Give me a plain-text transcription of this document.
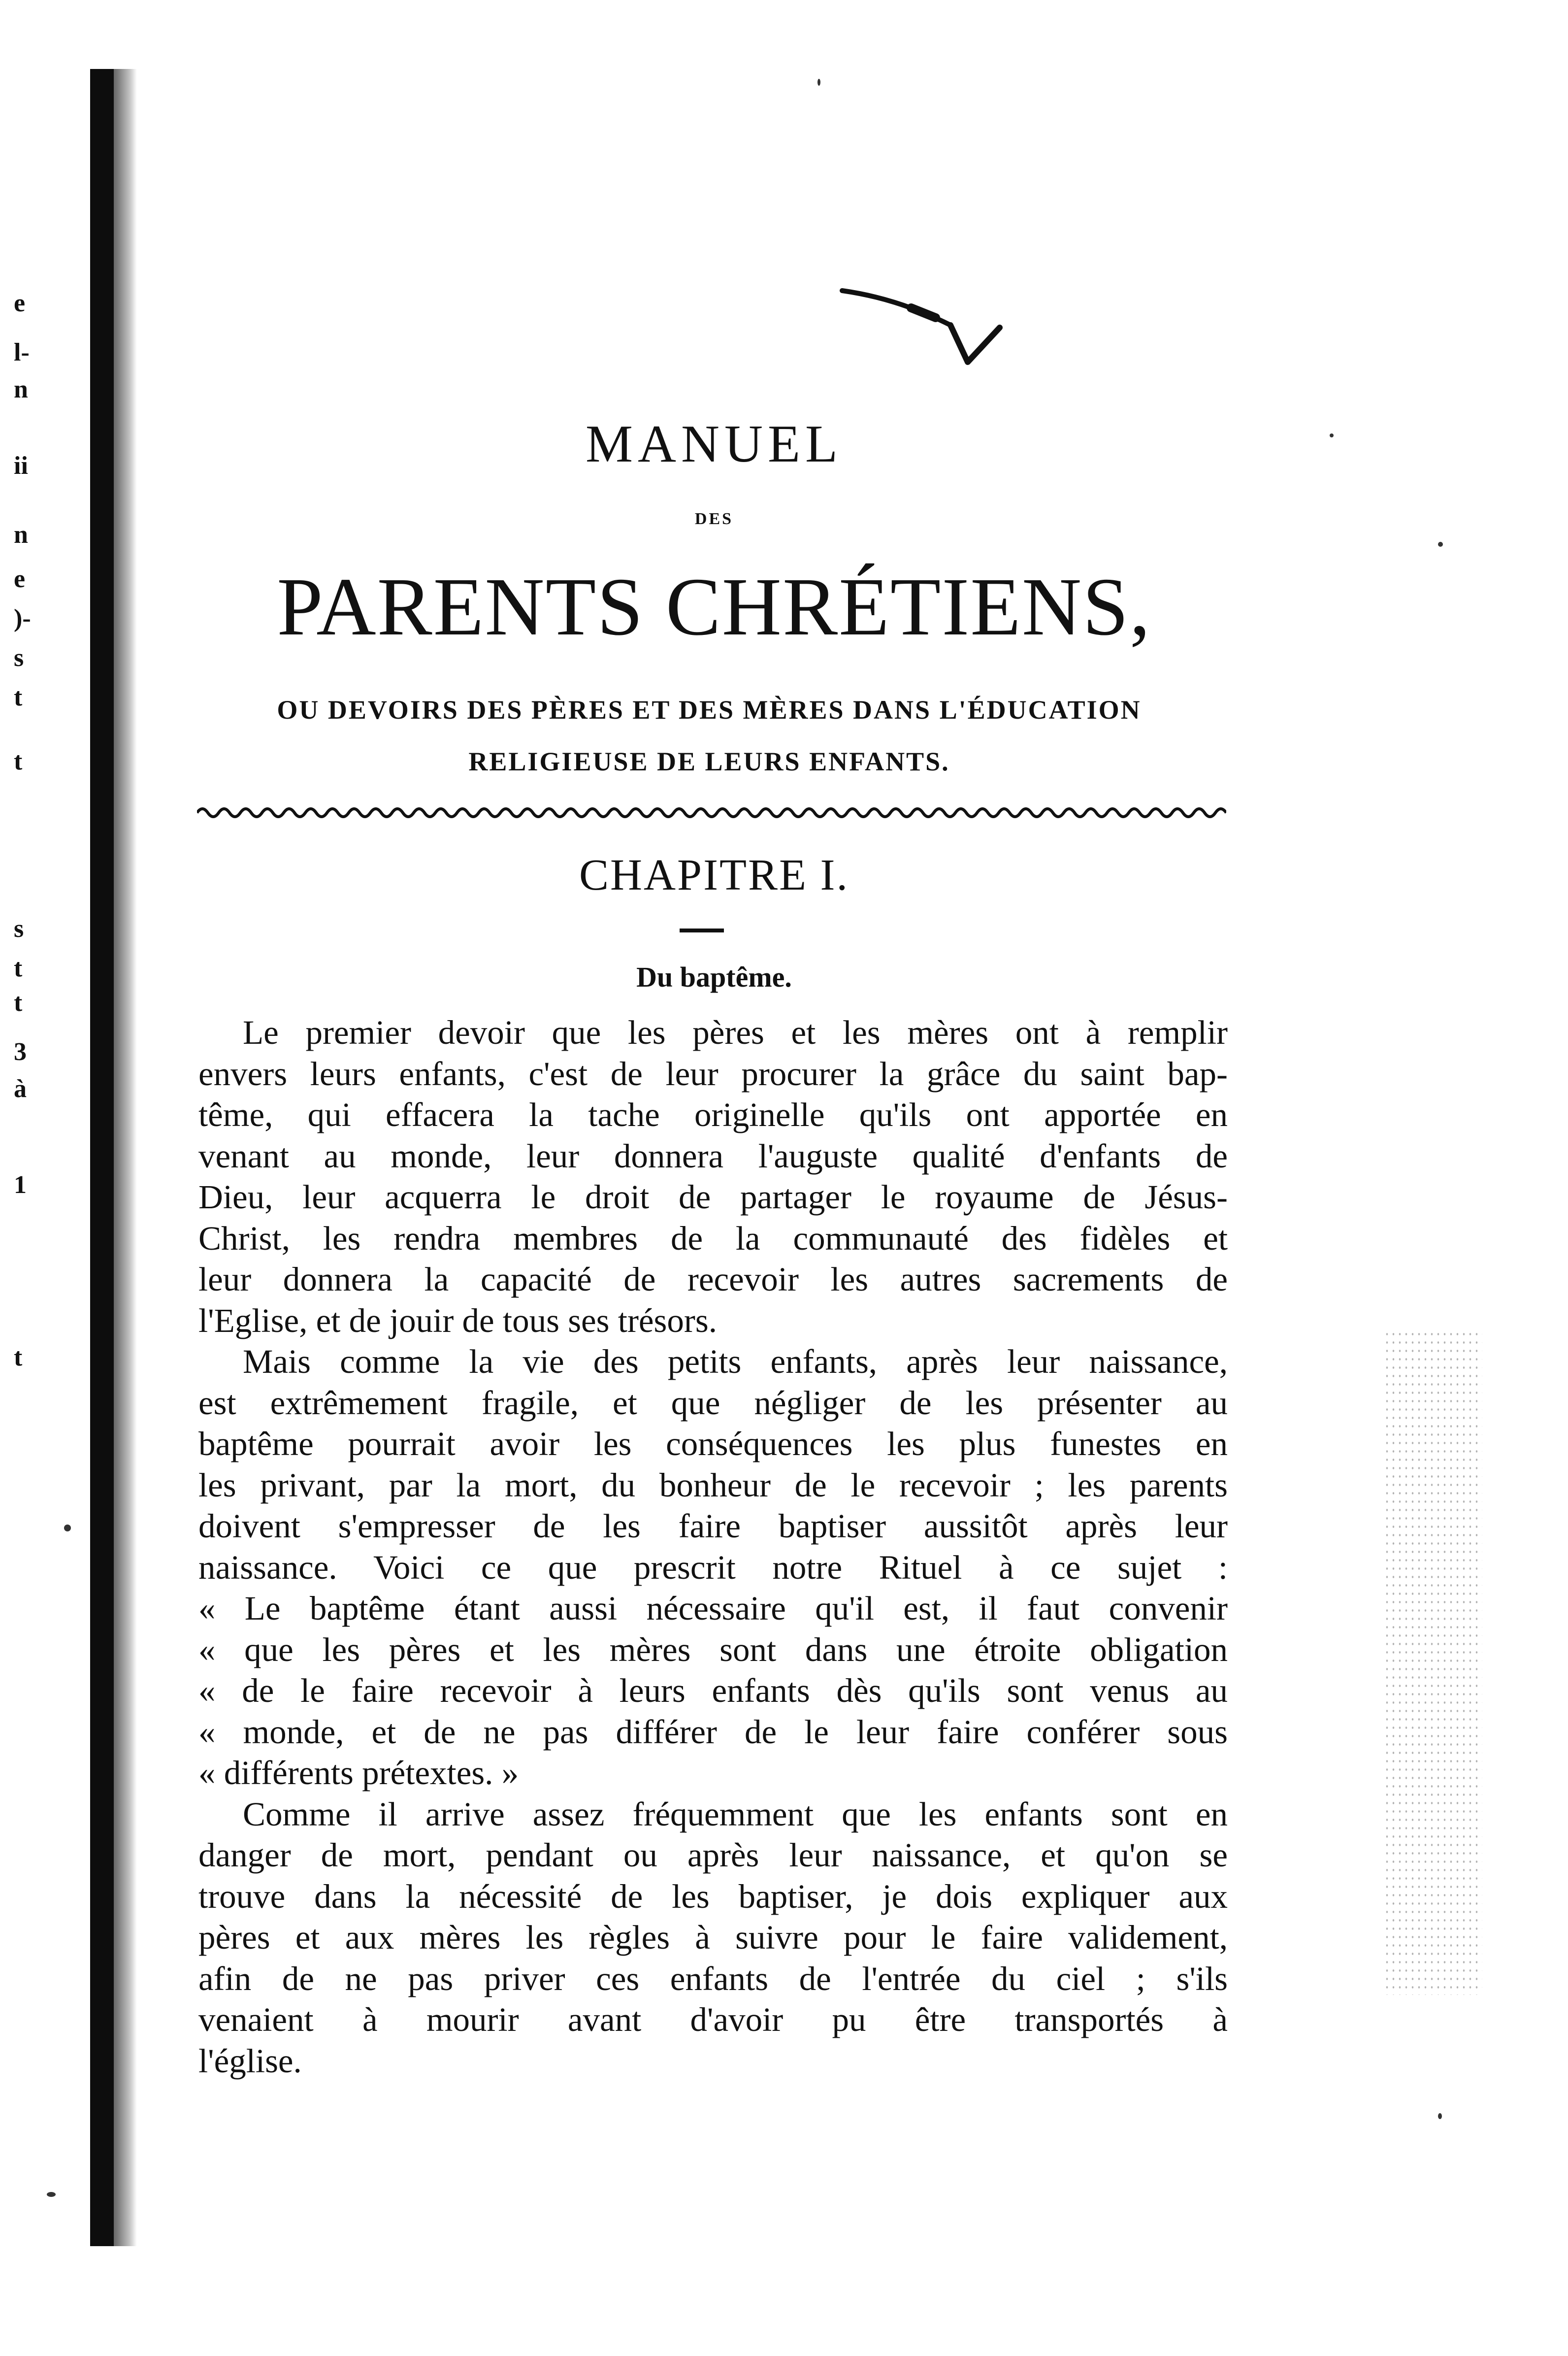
e
l-
n
ii
n
e
)-
s
t
t
s
t
t
3
à
1
t
MANUEL
DES
PARENTS CHRÉTIENS,
OU DEVOIRS DES PÈRES ET DES MÈRES DANS L'ÉDUCATION
RELIGIEUSE DE LEURS ENFANTS.
CHAPITRE I.
Du baptême.
Le premier devoir que les pères et les mères ont à remplir
envers leurs enfants, c'est de leur procurer la grâce du saint bap-
tême, qui effacera la tache originelle qu'ils ont apportée en
venant au monde, leur donnera l'auguste qualité d'enfants de
Dieu, leur acquerra le droit de partager le royaume de Jésus-
Christ, les rendra membres de la communauté des fidèles et
leur donnera la capacité de recevoir les autres sacrements de
l'Eglise, et de jouir de tous ses trésors.
Mais comme la vie des petits enfants, après leur naissance,
est extrêmement fragile, et que négliger de les présenter au
baptême pourrait avoir les conséquences les plus funestes en
les privant, par la mort, du bonheur de le recevoir ; les parents
doivent s'empresser de les faire baptiser aussitôt après leur
naissance. Voici ce que prescrit notre Rituel à ce sujet :
« Le baptême étant aussi nécessaire qu'il est, il faut convenir
« que les pères et les mères sont dans une étroite obligation
« de le faire recevoir à leurs enfants dès qu'ils sont venus au
« monde, et de ne pas différer de le leur faire conférer sous
« différents prétextes. »
Comme il arrive assez fréquemment que les enfants sont en
danger de mort, pendant ou après leur naissance, et qu'on se
trouve dans la nécessité de les baptiser, je dois expliquer aux
pères et aux mères les règles à suivre pour le faire validement,
afin de ne pas priver ces enfants de l'entrée du ciel ; s'ils
venaient à mourir avant d'avoir pu être transportés à
l'église.
